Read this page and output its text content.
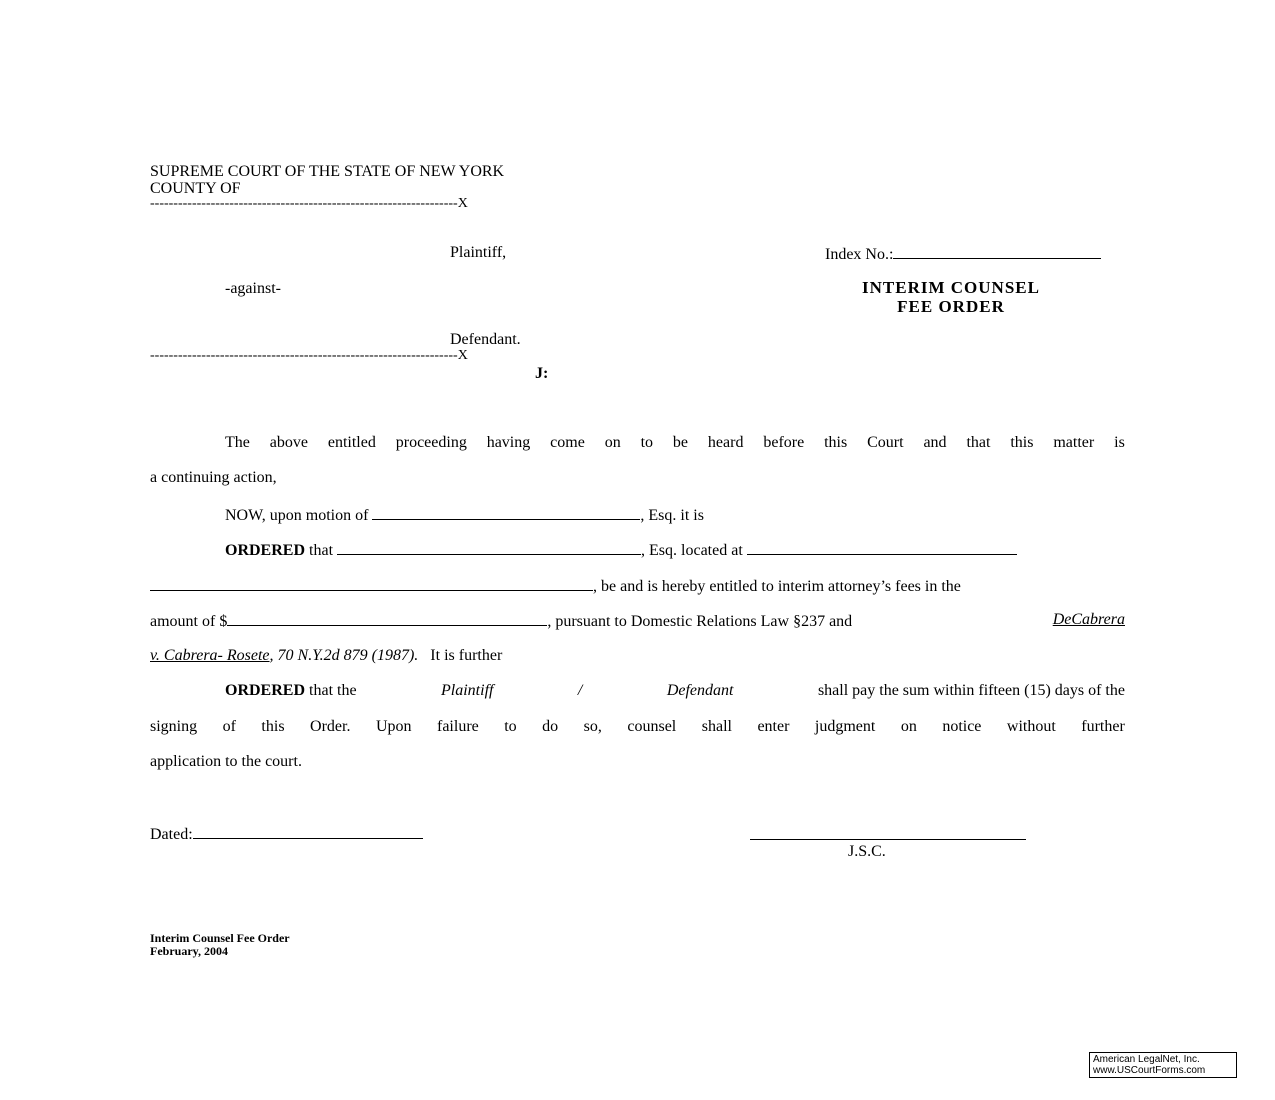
SUPREME COURT OF THE STATE OF NEW YORK
COUNTY OF
------------------------------------------------------------------X
Plaintiff,
-against-
Defendant.
------------------------------------------------------------------X
J:
Index No.:
INTERIM COUNSEL
FEE ORDER
The above entitled proceeding having come on to be heard before this Court and that this matter is
a continuing action,
NOW, upon motion of	, Esq. it is
ORDERED that	, Esq. located at
, be and is hereby entitled to interim attorney’s fees in the
amount of $	, pursuant to Domestic Relations Law §237 and	DeCabrera
v. Cabrera- Rosete, 70 N.Y.2d 879 (1987). It is further
ORDERED that the	Plaintiff	/	Defendant	shall pay the sum within fifteen (15) days of the
signing of this Order. Upon failure to do so, counsel shall enter judgment on notice without further
application to the court.
Dated:
J.S.C.
Interim Counsel Fee Order
February, 2004
American LegalNet, Inc.
www.USCourtForms.com
